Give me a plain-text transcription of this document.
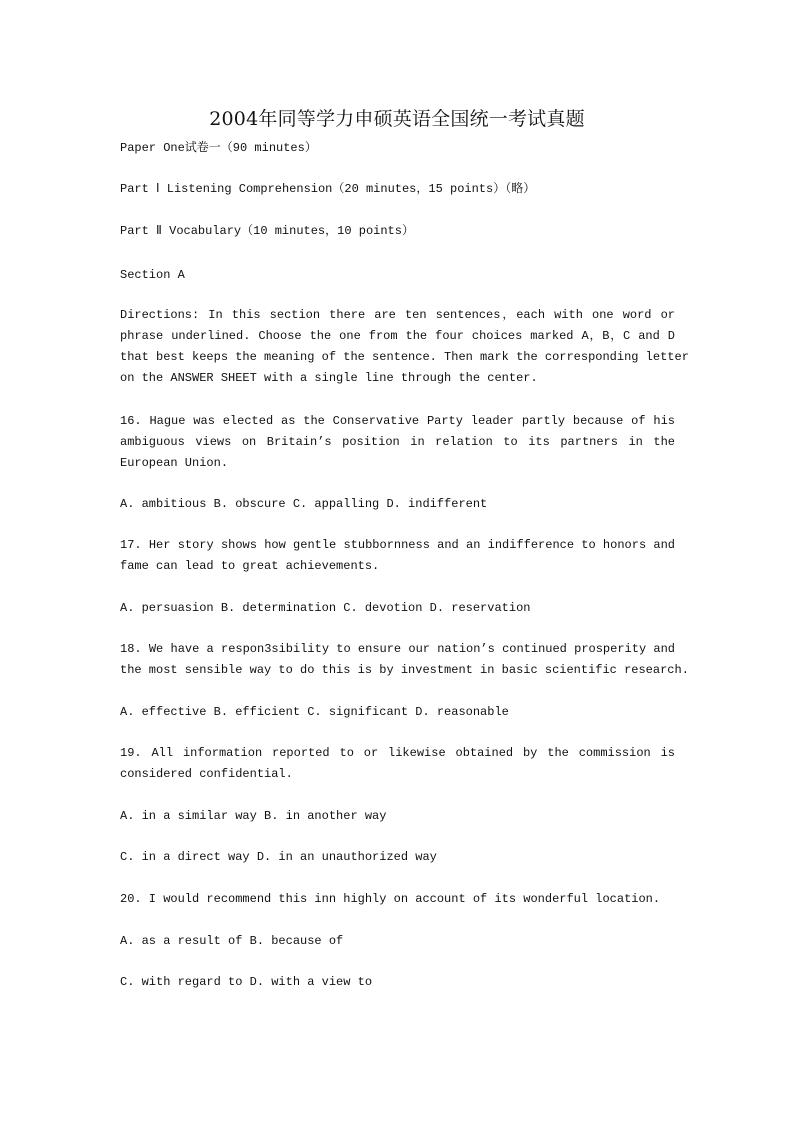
2004年同等学力申硕英语全国统一考试真题
Paper One试卷一（90 minutes）
Part Ⅰ Listening Comprehension（20 minutes，15 points）（略）
Part Ⅱ Vocabulary（10 minutes，10 points）
Section A
Directions: In this section there are ten sentences，each with one word or
phrase underlined. Choose the one from the four choices marked A，B，C and D
that best keeps the meaning of the sentence. Then mark the corresponding letter
on the ANSWER SHEET with a single line through the center.
16. Hague was elected as the Conservative Party leader partly because of his
ambiguous views on Britain’s position in relation to its partners in the
European Union.
A. ambitious B. obscure C. appalling D. indifferent
17. Her story shows how gentle stubbornness and an indifference to honors and
fame can lead to great achievements.
A. persuasion B. determination C. devotion D. reservation
18. We have a respon3sibility to ensure our nation’s continued prosperity and
the most sensible way to do this is by investment in basic scientific research.
A. effective B. efficient C. significant D. reasonable
19. All information reported to or likewise obtained by the commission is
considered confidential.
A. in a similar way B. in another way
C. in a direct way D. in an unauthorized way
20. I would recommend this inn highly on account of its wonderful location.
A. as a result of B. because of
C. with regard to D. with a view to
